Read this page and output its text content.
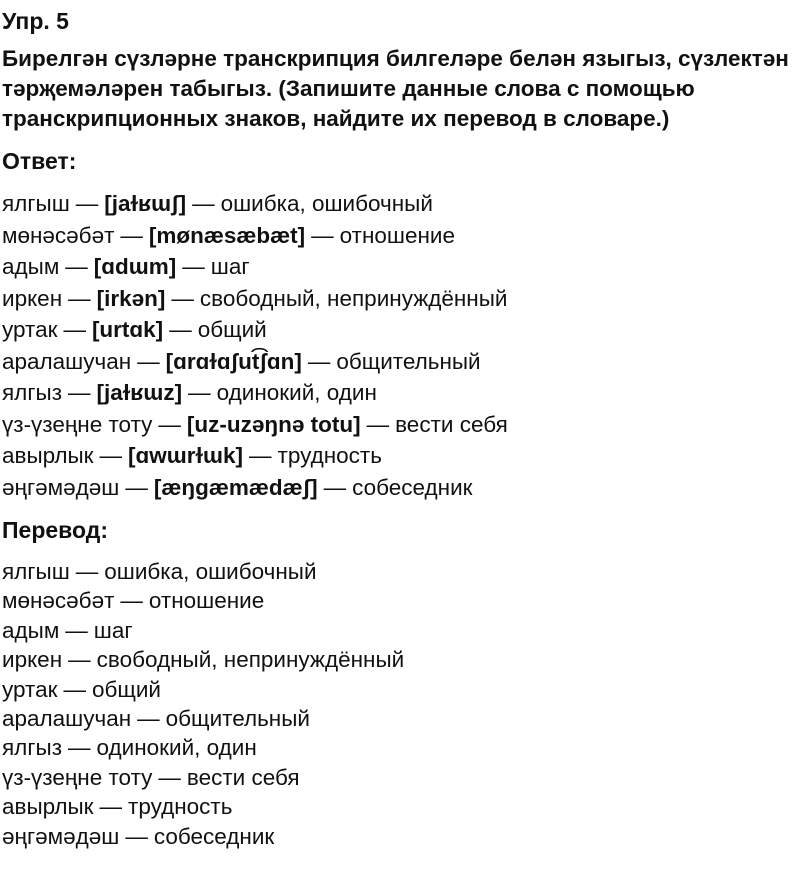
Упр. 5
Бирелгән сүзләрне транскрипция билгеләре белән языгыз, сүзлектән тәрҗемәләрен табыгыз. (Запишите данные слова с помощью транскрипционных знаков, найдите их перевод в словаре.)
Ответ:
ялгыш — [jaɫʁɯʃ] — ошибка, ошибочный
мөнәсәбәт — [mønæsæbæt] — отношение
адым — [ɑdɯm] — шаг
иркен — [irkən] — свободный, непринуждённый
уртак — [urtɑk] — общий
аралашучан — [ɑrɑɫɑʃut͡ʃɑn] — общительный
ялгыз — [jaɫʁɯz] — одинокий, один
үз-үзеңне тоту — [uz-uzəŋnə totu] — вести себя
авырлык — [ɑwɯrɫɯk] — трудность
әңгәмәдәш — [æŋɡæmædæʃ] — собеседник
Перевод:
ялгыш — ошибка, ошибочный
мөнәсәбәт — отношение
адым — шаг
иркен — свободный, непринуждённый
уртак — общий
аралашучан — общительный
ялгыз — одинокий, один
үз-үзеңне тоту — вести себя
авырлык — трудность
әңгәмәдәш — собеседник
